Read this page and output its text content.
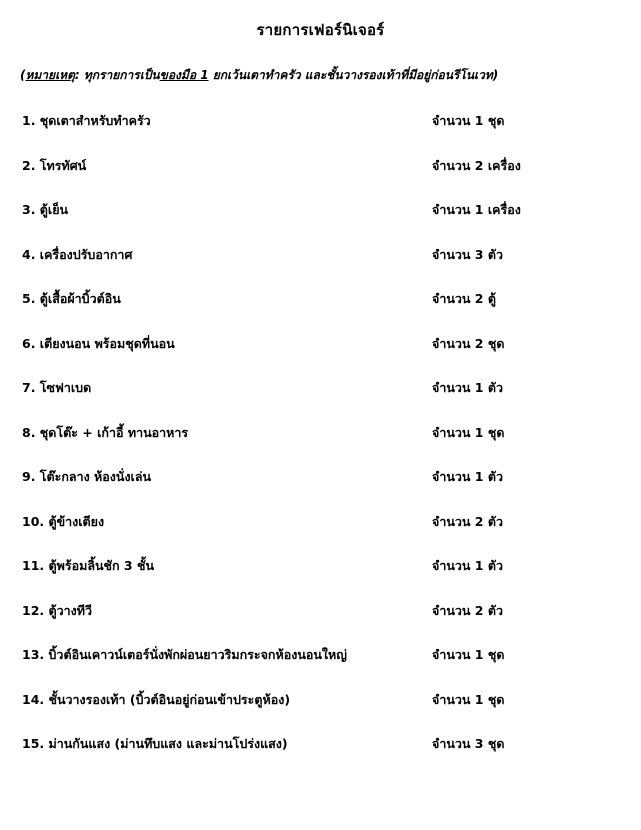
รายการเฟอร์นิเจอร์
(หมายเหตุ: ทุกรายการเป็นของมือ 1 ยกเว้นเตาทำครัว และชั้นวางรองเท้าที่มีอยู่ก่อนรีโนเวท)
1. ชุดเตาสำหรับทำครัว	จำนวน 1 ชุด
2. โทรทัศน์	จำนวน 2 เครื่อง
3. ตู้เย็น	จำนวน 1 เครื่อง
4. เครื่องปรับอากาศ	จำนวน 3 ตัว
5. ตู้เสื้อผ้าบิ้วต์อิน	จำนวน 2 ตู้
6. เตียงนอน พร้อมชุดที่นอน	จำนวน 2 ชุด
7. โซฟาเบด	จำนวน 1 ตัว
8. ชุดโต๊ะ + เก้าอี้ ทานอาหาร	จำนวน 1 ชุด
9. โต๊ะกลาง ห้องนั่งเล่น	จำนวน 1 ตัว
10. ตู้ข้างเตียง	จำนวน 2 ตัว
11. ตู้พร้อมลิ้นชัก 3 ชั้น	จำนวน 1 ตัว
12. ตู้วางทีวี	จำนวน 2 ตัว
13. บิ้วต์อินเคาวน์เตอร์นั่งพักผ่อนยาวริมกระจกห้องนอนใหญ่	จำนวน 1 ชุด
14. ชั้นวางรองเท้า (บิ้วต์อินอยู่ก่อนเข้าประตูห้อง)	จำนวน 1 ชุด
15. ม่านกันแสง (ม่านทึบแสง และม่านโปร่งแสง)	จำนวน 3 ชุด
